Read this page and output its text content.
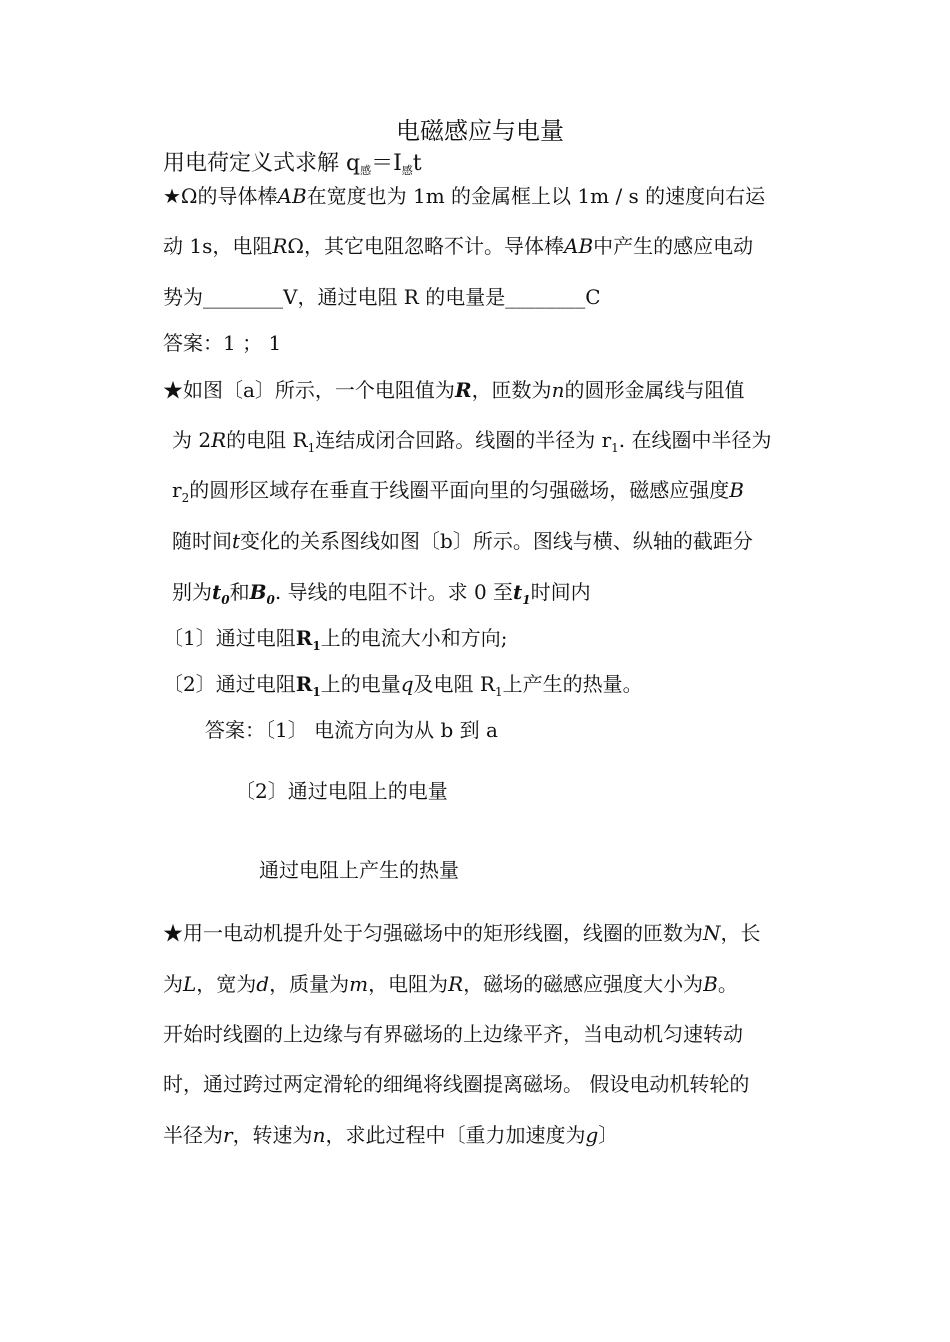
电磁感应与电量
用电荷定义式求解 q感＝I感t
★Ω的导体棒AB在宽度也为 1m 的金属框上以 1m / s 的速度向右运
动 1s，电阻RΩ，其它电阻忽略不计。导体棒AB中产生的感应电动
势为________V，通过电阻 R 的电量是________C
答案：1 ； 1
★如图〔a〕所示，一个电阻值为R，匝数为n的圆形金属线与阻值
为 2R的电阻 $R_1$连结成闭合回路。线圈的半径为 $r_1$. 在线圈中半径为
$r_2$的圆形区域存在垂直于线圈平面向里的匀强磁场，磁感应强度B
随时间t变化的关系图线如图〔b〕所示。图线与横、纵轴的截距分
别为$t_0$和$B_0$. 导线的电阻不计。求 0 至$t_1$时间内
〔1〕通过电阻$R_1$上的电流大小和方向;
〔2〕通过电阻$R_1$上的电量q及电阻 $R_1$上产生的热量。
答案：〔1〕 电流方向为从 b 到 a
〔2〕通过电阻上的电量
通过电阻上产生的热量
★用一电动机提升处于匀强磁场中的矩形线圈，线圈的匝数为N，长
为L，宽为d，质量为m，电阻为R，磁场的磁感应强度大小为B。
开始时线圈的上边缘与有界磁场的上边缘平齐，当电动机匀速转动
时，通过跨过两定滑轮的细绳将线圈提离磁场。 假设电动机转轮的
半径为r，转速为n，求此过程中〔重力加速度为g〕
